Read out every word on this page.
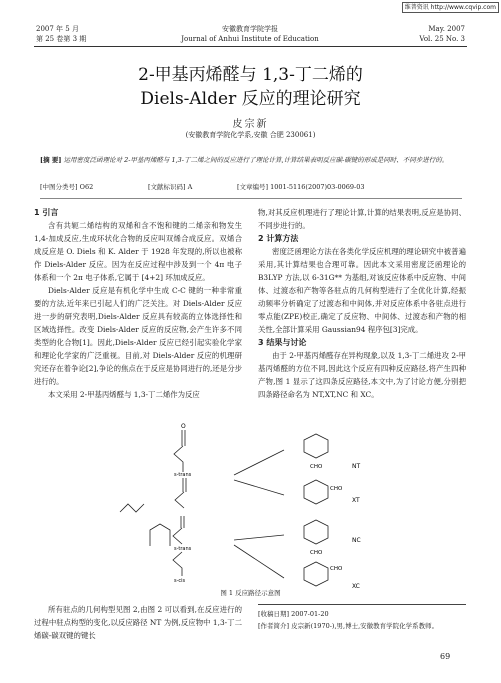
维普资讯 http://www.cqvip.com
2007 年 5 月
第 25 卷第 3 期
安徽教育学院学报
Journal of Anhui Institute of Education
May. 2007
Vol. 25 No. 3
2-甲基丙烯醛与 1,3-丁二烯的
Diels-Alder 反应的理论研究
皮宗新
(安徽教育学院化学系,安徽 合肥 230061)
[摘 要] 运用密度泛函理论对 2-甲基丙烯醛与 1,3-丁二烯之间的反应进行了理论计算,计算结果表明反应碳-碳键的形成是同时、不同步进行的。
[中图分类号] O62	[文献标识码] A	[文章编号] 1001-5116(2007)03-0069-03
1 引言

含有共轭二烯结构的双烯和含不饱和键的二烯亲和物发生 1,4-加成反应,生成环状化合物的反应叫双烯合成反应。双烯合成反应是 O. Diels 和 K. Alder 于 1928 年发现的,所以也被称作 Diels-Alder 反应。因为在反应过程中涉及到一个 4π 电子体系和一个 2π 电子体系,它属于 [4+2] 环加成反应。

Diels-Alder 反应是有机化学中生成 C-C 键的一种非常重要的方法,近年来已引起人们的广泛关注。对 Diels-Alder 反应进一步的研究表明,Diels-Alder 反应具有较高的立体选择性和区域选择性。改变 Diels-Alder 反应的反应物,会产生许多不同类型的化合物[1]。因此,Diels-Alder 反应已经引起实验化学家和理论化学家的广泛重视。目前,对 Diels-Alder 反应的机理研究还存在着争论[2],争论的焦点在于反应是协同进行的,还是分步进行的。

本文采用 2-甲基丙烯醛与 1,3-丁二烯作为反应

物,对其反应机理进行了理论计算,计算的结果表明,反应是协同、不同步进行的。

2 计算方法

密度泛函理论方法在各类化学反应机理的理论研究中被普遍采用,其计算结果也合理可靠。因此本文采用密度泛函理论的 B3LYP 方法,以 6-31G** 为基组,对该反应体系中反应物、中间体、过渡态和产物等各驻点的几何构型进行了全优化计算,经振动频率分析确定了过渡态和中间体,并对反应体系中各驻点进行零点能(ZPE)校正,确定了反应物、中间体、过渡态和产物的相关性,全部计算采用 Gaussian94 程序包[3]完成。

3 结果与讨论

由于 2-甲基丙烯醛存在异构现象,以及 1,3-丁二烯进攻 2-甲基丙烯醛的方位不同,因此这个反应有四种反应路径,将产生四种产物,图 1 显示了这四条反应路径,本文中,为了讨论方便,分别把四条路径命名为 NT,XT,NC 和 XC。

O
s-trans
s-trans
s-cis
CHO
CHO
CHO
CHO
NT
XT
NC
XC
图 1 反应路径示意图

所有驻点的几何构型见图 2,由图 2 可以看到,在反应进行的过程中驻点构型的变化,以反应路径 NT 为例,反应物中 1,3-丁二烯碳-碳双键的键长

[收稿日期] 2007-01-20
[作者简介] 皮宗新(1970-),男,博士,安徽教育学院化学系教师。
69
